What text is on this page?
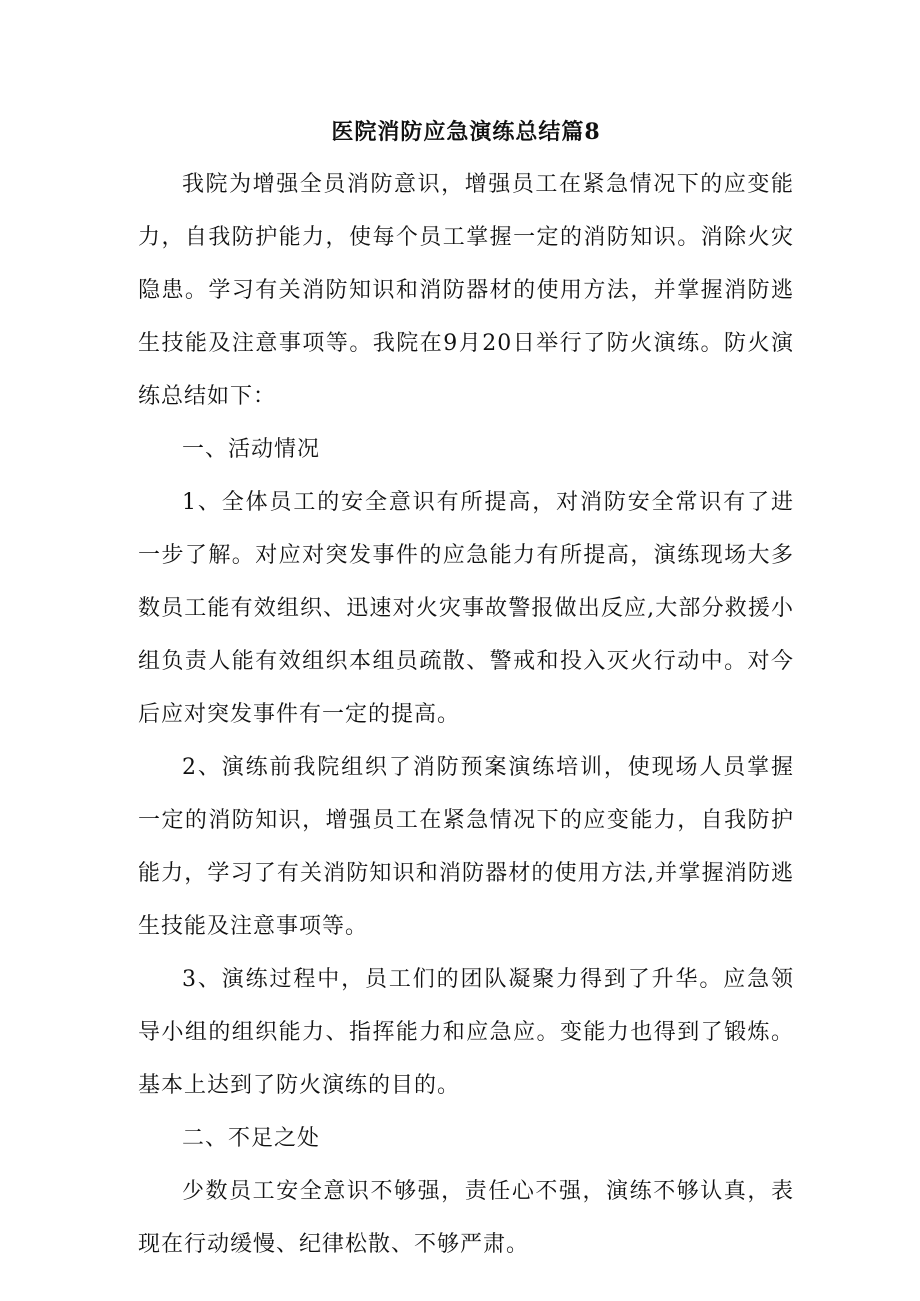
医院消防应急演练总结篇8

我院为增强全员消防意识，增强员工在紧急情况下的应变能力，自我防护能力，使每个员工掌握一定的消防知识。消除火灾隐患。学习有关消防知识和消防器材的使用方法，并掌握消防逃生技能及注意事项等。我院在9月20日举行了防火演练。防火演练总结如下：

一、活动情况

1、全体员工的安全意识有所提高，对消防安全常识有了进一步了解。对应对突发事件的应急能力有所提高，演练现场大多数员工能有效组织、迅速对火灾事故警报做出反应,大部分救援小组负责人能有效组织本组员疏散、警戒和投入灭火行动中。对今后应对突发事件有一定的提高。

2、演练前我院组织了消防预案演练培训，使现场人员掌握一定的消防知识，增强员工在紧急情况下的应变能力，自我防护能力，学习了有关消防知识和消防器材的使用方法,并掌握消防逃生技能及注意事项等。

3、演练过程中，员工们的团队凝聚力得到了升华。应急领导小组的组织能力、指挥能力和应急应。变能力也得到了锻炼。基本上达到了防火演练的目的。

二、不足之处

少数员工安全意识不够强，责任心不强，演练不够认真，表现在行动缓慢、纪律松散、不够严肃。
